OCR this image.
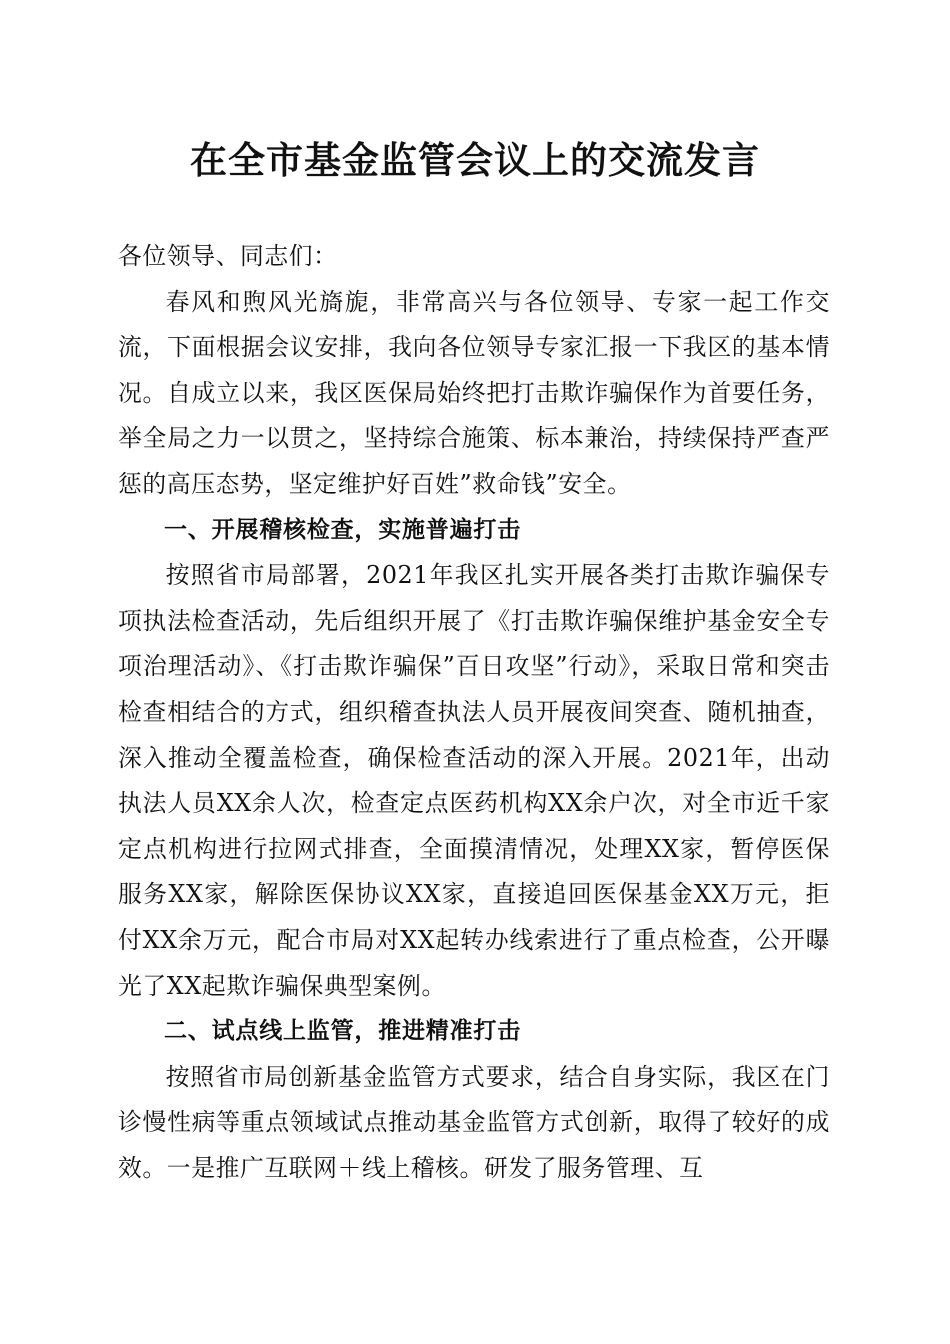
在全市基金监管会议上的交流发言

各位领导、同志们：

春风和煦风光旖旎，非常高兴与各位领导、专家一起工作交流，下面根据会议安排，我向各位领导专家汇报一下我区的基本情况。自成立以来，我区医保局始终把打击欺诈骗保作为首要任务，举全局之力一以贯之，坚持综合施策、标本兼治，持续保持严查严惩的高压态势，坚定维护好百姓”救命钱”安全。

一、开展稽核检查，实施普遍打击

按照省市局部署，2021年我区扎实开展各类打击欺诈骗保专项执法检查活动，先后组织开展了《打击欺诈骗保维护基金安全专项治理活动》、《打击欺诈骗保”百日攻坚”行动》，采取日常和突击检查相结合的方式，组织稽查执法人员开展夜间突查、随机抽查，深入推动全覆盖检查，确保检查活动的深入开展。2021年，出动执法人员XX余人次，检查定点医药机构XX余户次，对全市近千家定点机构进行拉网式排查，全面摸清情况，处理XX家，暂停医保服务XX家，解除医保协议XX家，直接追回医保基金XX万元，拒付XX余万元，配合市局对XX起转办线索进行了重点检查，公开曝光了XX起欺诈骗保典型案例。

二、试点线上监管，推进精准打击

按照省市局创新基金监管方式要求，结合自身实际，我区在门诊慢性病等重点领域试点推动基金监管方式创新，取得了较好的成效。一是推广互联网＋线上稽核。研发了服务管理、互
